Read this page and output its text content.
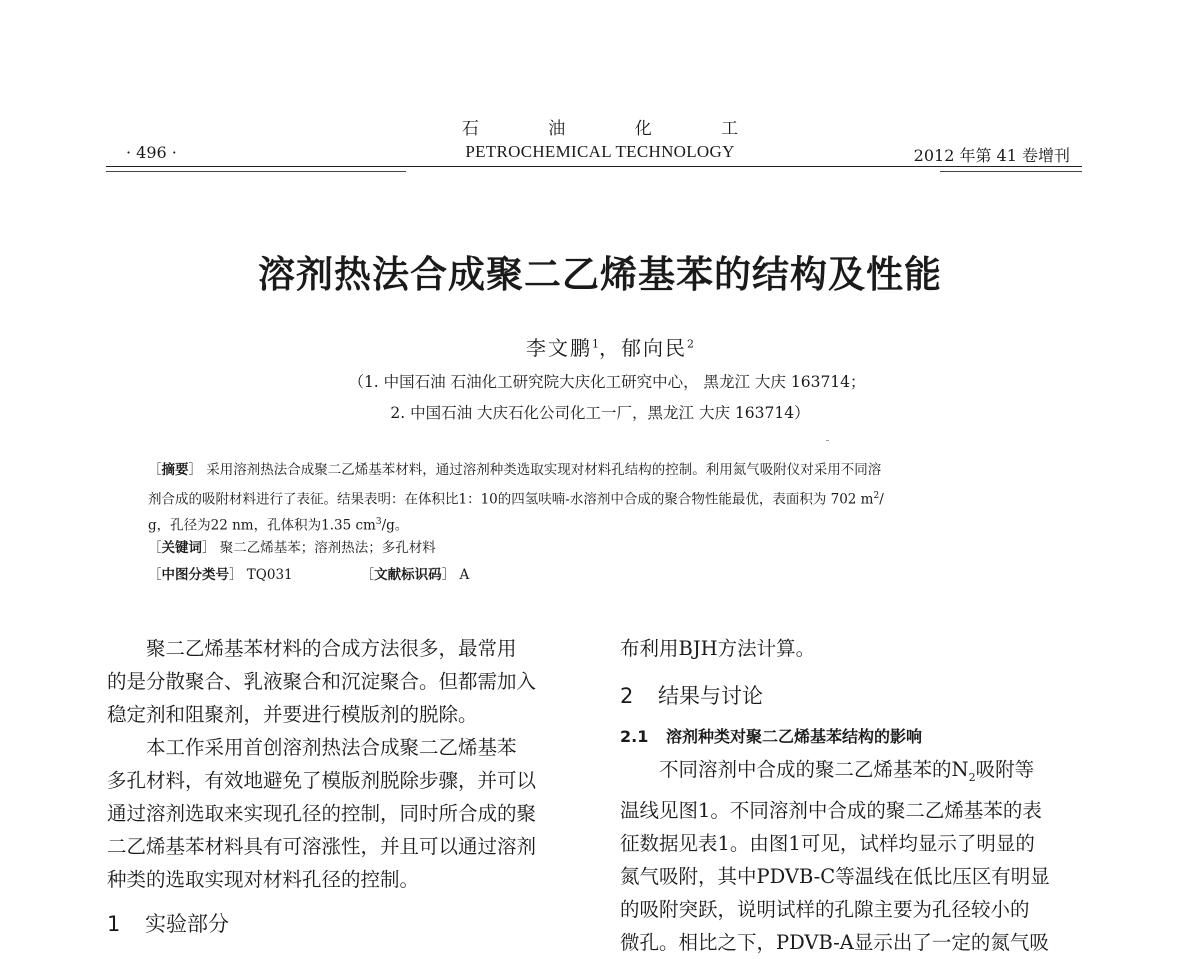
石 油 化 工
· 496 ·	PETROCHEMICAL TECHNOLOGY	2012 年第 41 卷增刊
溶剂热法合成聚二乙烯基苯的结构及性能
李文鹏$^1$，郁向民$^2$
（1. 中国石油 石油化工研究院大庆化工研究中心， 黑龙江 大庆 163714；
2. 中国石油 大庆石化公司化工一厂，黑龙江 大庆 163714）
［摘要］ 采用溶剂热法合成聚二乙烯基苯材料，通过溶剂种类选取实现对材料孔结构的控制。利用氮气吸附仪对采用不同溶
剂合成的吸附材料进行了表征。结果表明：在体积比1：10的四氢呋喃-水溶剂中合成的聚合物性能最优，表面积为 702 $m^2/$
g，孔径为22 nm，孔体积为1.35 $cm^3/g$。
［关键词］ 聚二乙烯基苯；溶剂热法；多孔材料
［中图分类号］ TQ031	［文献标识码］ A

聚二乙烯基苯材料的合成方法很多，最常用

的是分散聚合、乳液聚合和沉淀聚合。但都需加入

稳定剂和阻聚剂，并要进行模版剂的脱除。

本工作采用首创溶剂热法合成聚二乙烯基苯

多孔材料，有效地避免了模版剂脱除步骤，并可以

通过溶剂选取来实现孔径的控制，同时所合成的聚

二乙烯基苯材料具有可溶涨性，并且可以通过溶剂

种类的选取实现对材料孔径的控制。

1 实验部分

布利用BJH方法计算。

2 结果与讨论

2.1 溶剂种类对聚二乙烯基苯结构的影响

不同溶剂中合成的聚二乙烯基苯的$N_2$吸附等

温线见图1。不同溶剂中合成的聚二乙烯基苯的表

征数据见表1。由图1可见，试样均显示了明显的

氮气吸附，其中PDVB-C等温线在低比压区有明显

的吸附突跃，说明试样的孔隙主要为孔径较小的

微孔。相比之下，PDVB-A显示出了一定的氮气吸
